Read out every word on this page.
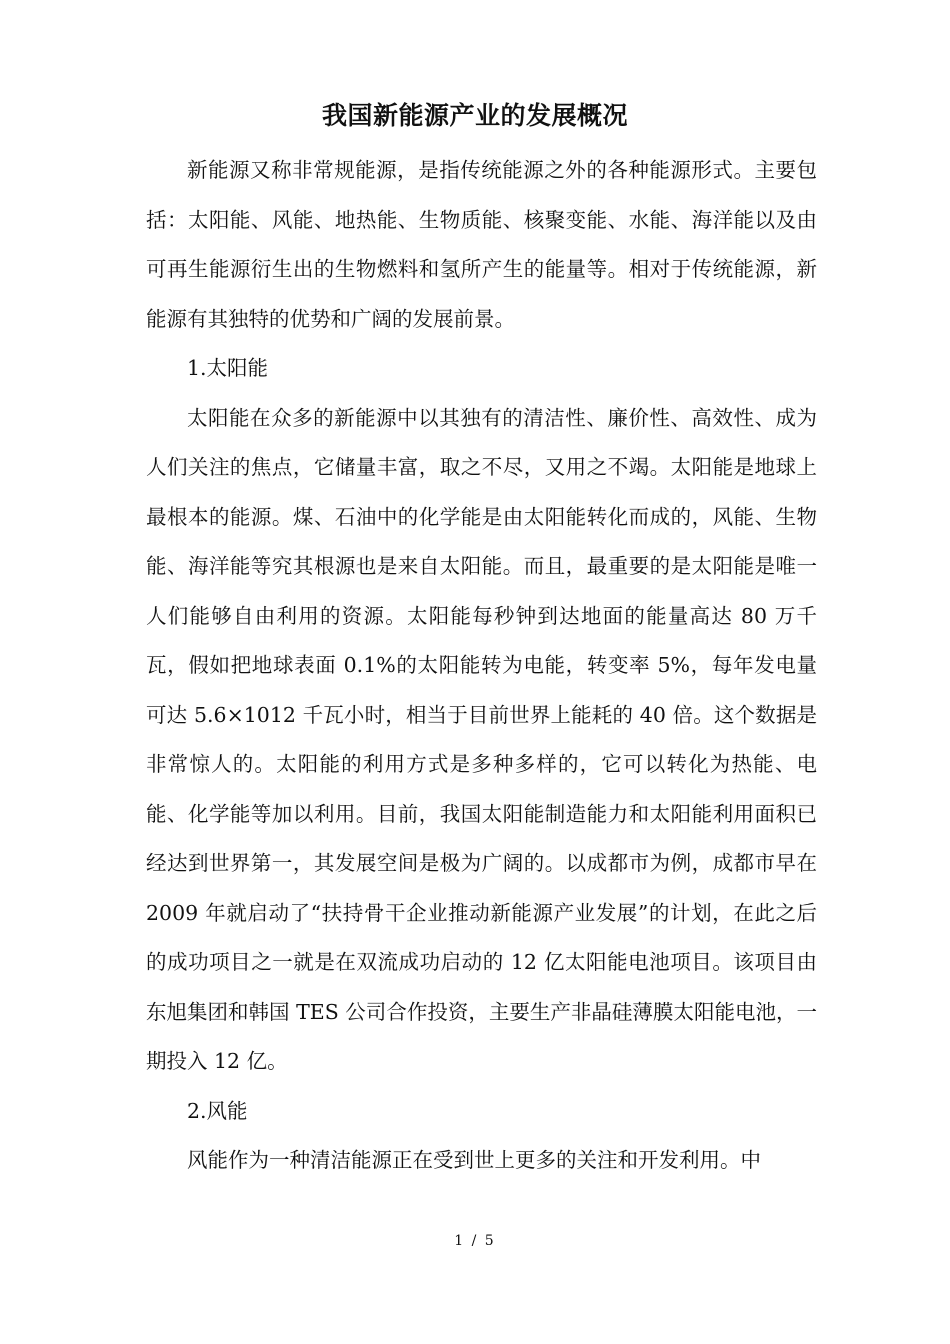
我国新能源产业的发展概况

新能源又称非常规能源，是指传统能源之外的各种能源形式。主要包括：太阳能、风能、地热能、生物质能、核聚变能、水能、海洋能以及由可再生能源衍生出的生物燃料和氢所产生的能量等。相对于传统能源，新能源有其独特的优势和广阔的发展前景。

1.太阳能

太阳能在众多的新能源中以其独有的清洁性、廉价性、高效性、成为人们关注的焦点，它储量丰富，取之不尽，又用之不竭。太阳能是地球上最根本的能源。煤、石油中的化学能是由太阳能转化而成的，风能、生物能、海洋能等究其根源也是来自太阳能。而且，最重要的是太阳能是唯一人们能够自由利用的资源。太阳能每秒钟到达地面的能量高达 80 万千瓦，假如把地球表面 0.1%的太阳能转为电能，转变率 5%，每年发电量可达 5.6×1012 千瓦小时，相当于目前世界上能耗的 40 倍。这个数据是非常惊人的。太阳能的利用方式是多种多样的，它可以转化为热能、电能、化学能等加以利用。目前，我国太阳能制造能力和太阳能利用面积已经达到世界第一，其发展空间是极为广阔的。以成都市为例，成都市早在 2009 年就启动了“扶持骨干企业推动新能源产业发展”的计划，在此之后的成功项目之一就是在双流成功启动的 12 亿太阳能电池项目。该项目由东旭集团和韩国 TES 公司合作投资，主要生产非晶硅薄膜太阳能电池，一期投入 12 亿。

2.风能

风能作为一种清洁能源正在受到世上更多的关注和开发利用。中

1 / 5
